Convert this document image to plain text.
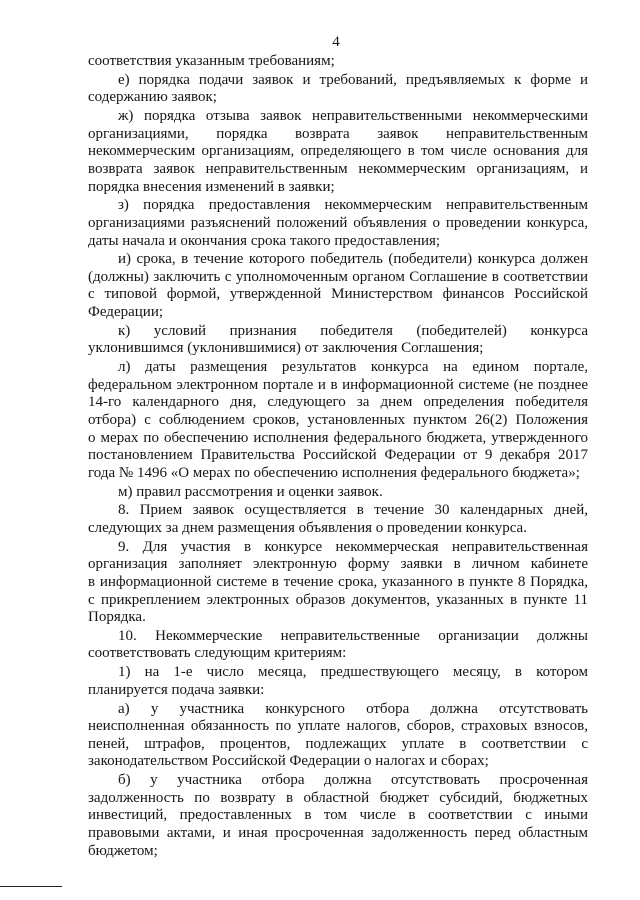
4
соответствия указанным требованиям;
е) порядка подачи заявок и требований, предъявляемых к форме и
содержанию заявок;
ж) порядка отзыва заявок неправительственными некоммерческими
организациями, порядка возврата заявок неправительственным
некоммерческим организациям, определяющего в том числе основания для
возврата заявок неправительственным некоммерческим организациям, и
порядка внесения изменений в заявки;
з) порядка предоставления некоммерческим неправительственным
организациями разъяснений положений объявления о проведении конкурса,
даты начала и окончания срока такого предоставления;
и) срока, в течение которого победитель (победители) конкурса должен
(должны) заключить с уполномоченным органом Соглашение в соответствии
с типовой формой, утвержденной Министерством финансов Российской
Федерации;
к) условий признания победителя (победителей) конкурса
уклонившимся (уклонившимися) от заключения Соглашения;
л) даты размещения результатов конкурса на едином портале,
федеральном электронном портале и в информационной системе (не позднее
14-го календарного дня, следующего за днем определения победителя
отбора) с соблюдением сроков, установленных пунктом 26(2) Положения
о мерах по обеспечению исполнения федерального бюджета, утвержденного
постановлением Правительства Российской Федерации от 9 декабря 2017
года № 1496 «О мерах по обеспечению исполнения федерального бюджета»;
м) правил рассмотрения и оценки заявок.
8. Прием заявок осуществляется в течение 30 календарных дней,
следующих за днем размещения объявления о проведении конкурса.
9. Для участия в конкурсе некоммерческая неправительственная
организация заполняет электронную форму заявки в личном кабинете
в информационной системе в течение срока, указанного в пункте 8 Порядка,
с прикреплением электронных образов документов, указанных в пункте 11
Порядка.
10. Некоммерческие неправительственные организации должны
соответствовать следующим критериям:
1) на 1-е число месяца, предшествующего месяцу, в котором
планируется подача заявки:
а) у участника конкурсного отбора должна отсутствовать
неисполненная обязанность по уплате налогов, сборов, страховых взносов,
пеней, штрафов, процентов, подлежащих уплате в соответствии с
законодательством Российской Федерации о налогах и сборах;
б) у участника отбора должна отсутствовать просроченная
задолженность по возврату в областной бюджет субсидий, бюджетных
инвестиций, предоставленных в том числе в соответствии с иными
правовыми актами, и иная просроченная задолженность перед областным
бюджетом;
